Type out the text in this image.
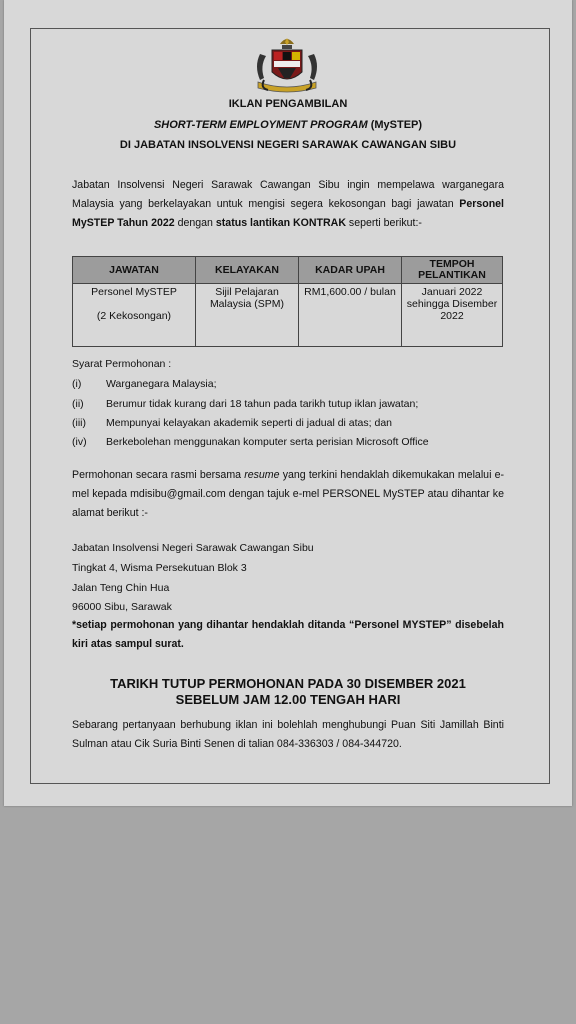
IKLAN PENGAMBILAN
SHORT-TERM EMPLOYMENT PROGRAM (MySTEP)
DI JABATAN INSOLVENSI NEGERI SARAWAK CAWANGAN SIBU
Jabatan Insolvensi Negeri Sarawak Cawangan Sibu ingin mempelawa warganegara Malaysia yang berkelayakan untuk mengisi segera kekosongan bagi jawatan Personel MySTEP Tahun 2022 dengan status lantikan KONTRAK seperti berikut:-
JAWATAN	KELAYAKAN	KADAR UPAH	TEMPOH PELANTIKAN

Personel MySTEP
(2 Kekosongan)	Sijil Pelajaran Malaysia (SPM)	RM1,600.00 / bulan	Januari 2022 sehingga Disember 2022
Syarat Permohonan :
(i) Warganegara Malaysia;
(ii) Berumur tidak kurang dari 18 tahun pada tarikh tutup iklan jawatan;
(iii) Mempunyai kelayakan akademik seperti di jadual di atas; dan
(iv) Berkebolehan menggunakan komputer serta perisian Microsoft Office
Permohonan secara rasmi bersama resume yang terkini hendaklah dikemukakan melalui e-mel kepada mdisibu@gmail.com dengan tajuk e-mel PERSONEL MySTEP atau dihantar ke alamat berikut :-
Jabatan Insolvensi Negeri Sarawak Cawangan Sibu
Tingkat 4, Wisma Persekutuan Blok 3
Jalan Teng Chin Hua
96000 Sibu, Sarawak
*setiap permohonan yang dihantar hendaklah ditanda “Personel MYSTEP” disebelah kiri atas sampul surat.
TARIKH TUTUP PERMOHONAN PADA 30 DISEMBER 2021
SEBELUM JAM 12.00 TENGAH HARI
Sebarang pertanyaan berhubung iklan ini bolehlah menghubungi Puan Siti Jamillah Binti Sulman atau Cik Suria Binti Senen di talian 084-336303 / 084-344720.
